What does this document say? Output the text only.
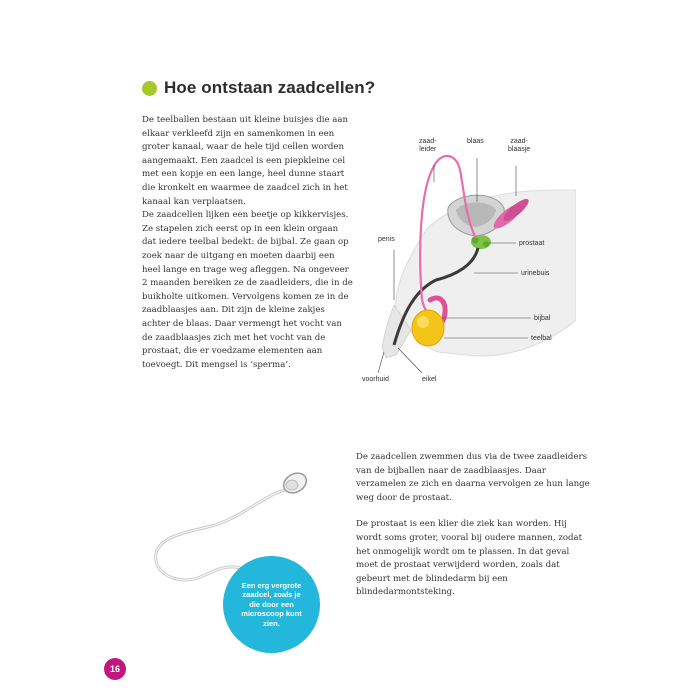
Hoe ontstaan zaadcellen?

De teelballen bestaan uit kleine buisjes die aan elkaar verkleefd zijn en samenkomen in een groter kanaal, waar de hele tijd cellen worden aangemaakt. Een zaadcel is een piepkleine cel met een kopje en een lange, heel dunne staart die kronkelt en waarmee de zaadcel zich in het kanaal kan verplaatsen.

De zaadcellen lijken een beetje op kikkervisjes. Ze stapelen zich eerst op in een klein orgaan dat iedere teelbal bedekt: de bijbal. Ze gaan op zoek naar de uitgang en moeten daarbij een heel lange en trage weg afleggen. Na ongeveer 2 maanden bereiken ze de zaadleiders, die in de buikholte uitkomen. Vervolgens komen ze in de zaadblaasjes aan. Dit zijn de kleine zakjes achter de blaas. Daar vermengt het vocht van de zaadblaasjes zich met het vocht van de prostaat, die er voedzame elementen aan toevoegt. Dit mengsel is ‘sperma’.

zaad-
leider
blaas	zaad-
blaasje
penis
prostaat
urinebuis
bijbal
teelbal
voorhuid	eikel
Een erg vergrote zaadcel, zoals je die door een microscoop kunt zien.

De zaadcellen zwemmen dus via de twee zaadleiders van de bijballen naar de zaadblaasjes. Daar verzamelen ze zich en daarna vervolgen ze hun lange weg door de prostaat.

De prostaat is een klier die ziek kan worden. Hij wordt soms groter, vooral bij oudere mannen, zodat het onmogelijk wordt om te plassen. In dat geval moet de prostaat verwijderd worden, zoals dat gebeurt met de blindedarm bij een blindedarmontsteking.

16
